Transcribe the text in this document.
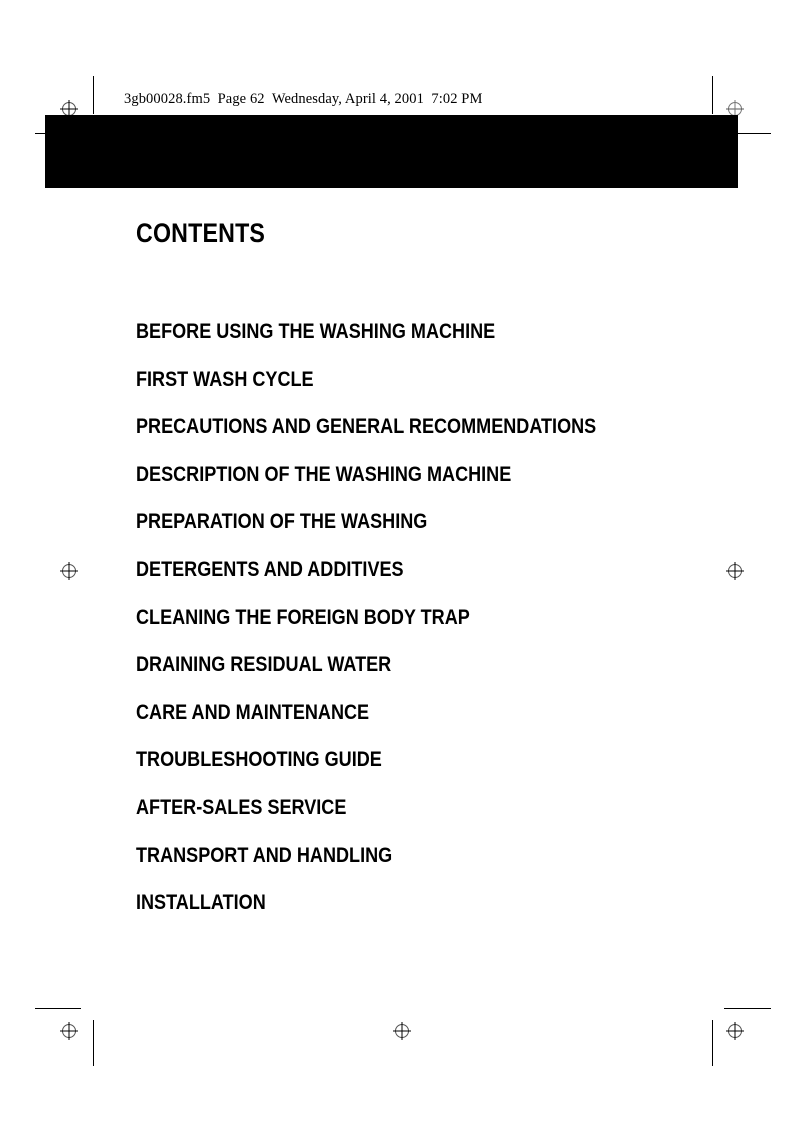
3gb00028.fm5  Page 62  Wednesday, April 4, 2001  7:02 PM
CONTENTS
BEFORE USING THE WASHING MACHINE
FIRST WASH CYCLE
PRECAUTIONS AND GENERAL RECOMMENDATIONS
DESCRIPTION OF THE WASHING MACHINE
PREPARATION OF THE WASHING
DETERGENTS AND ADDITIVES
CLEANING THE FOREIGN BODY TRAP
DRAINING RESIDUAL WATER
CARE AND MAINTENANCE
TROUBLESHOOTING GUIDE
AFTER-SALES SERVICE
TRANSPORT AND HANDLING
INSTALLATION
